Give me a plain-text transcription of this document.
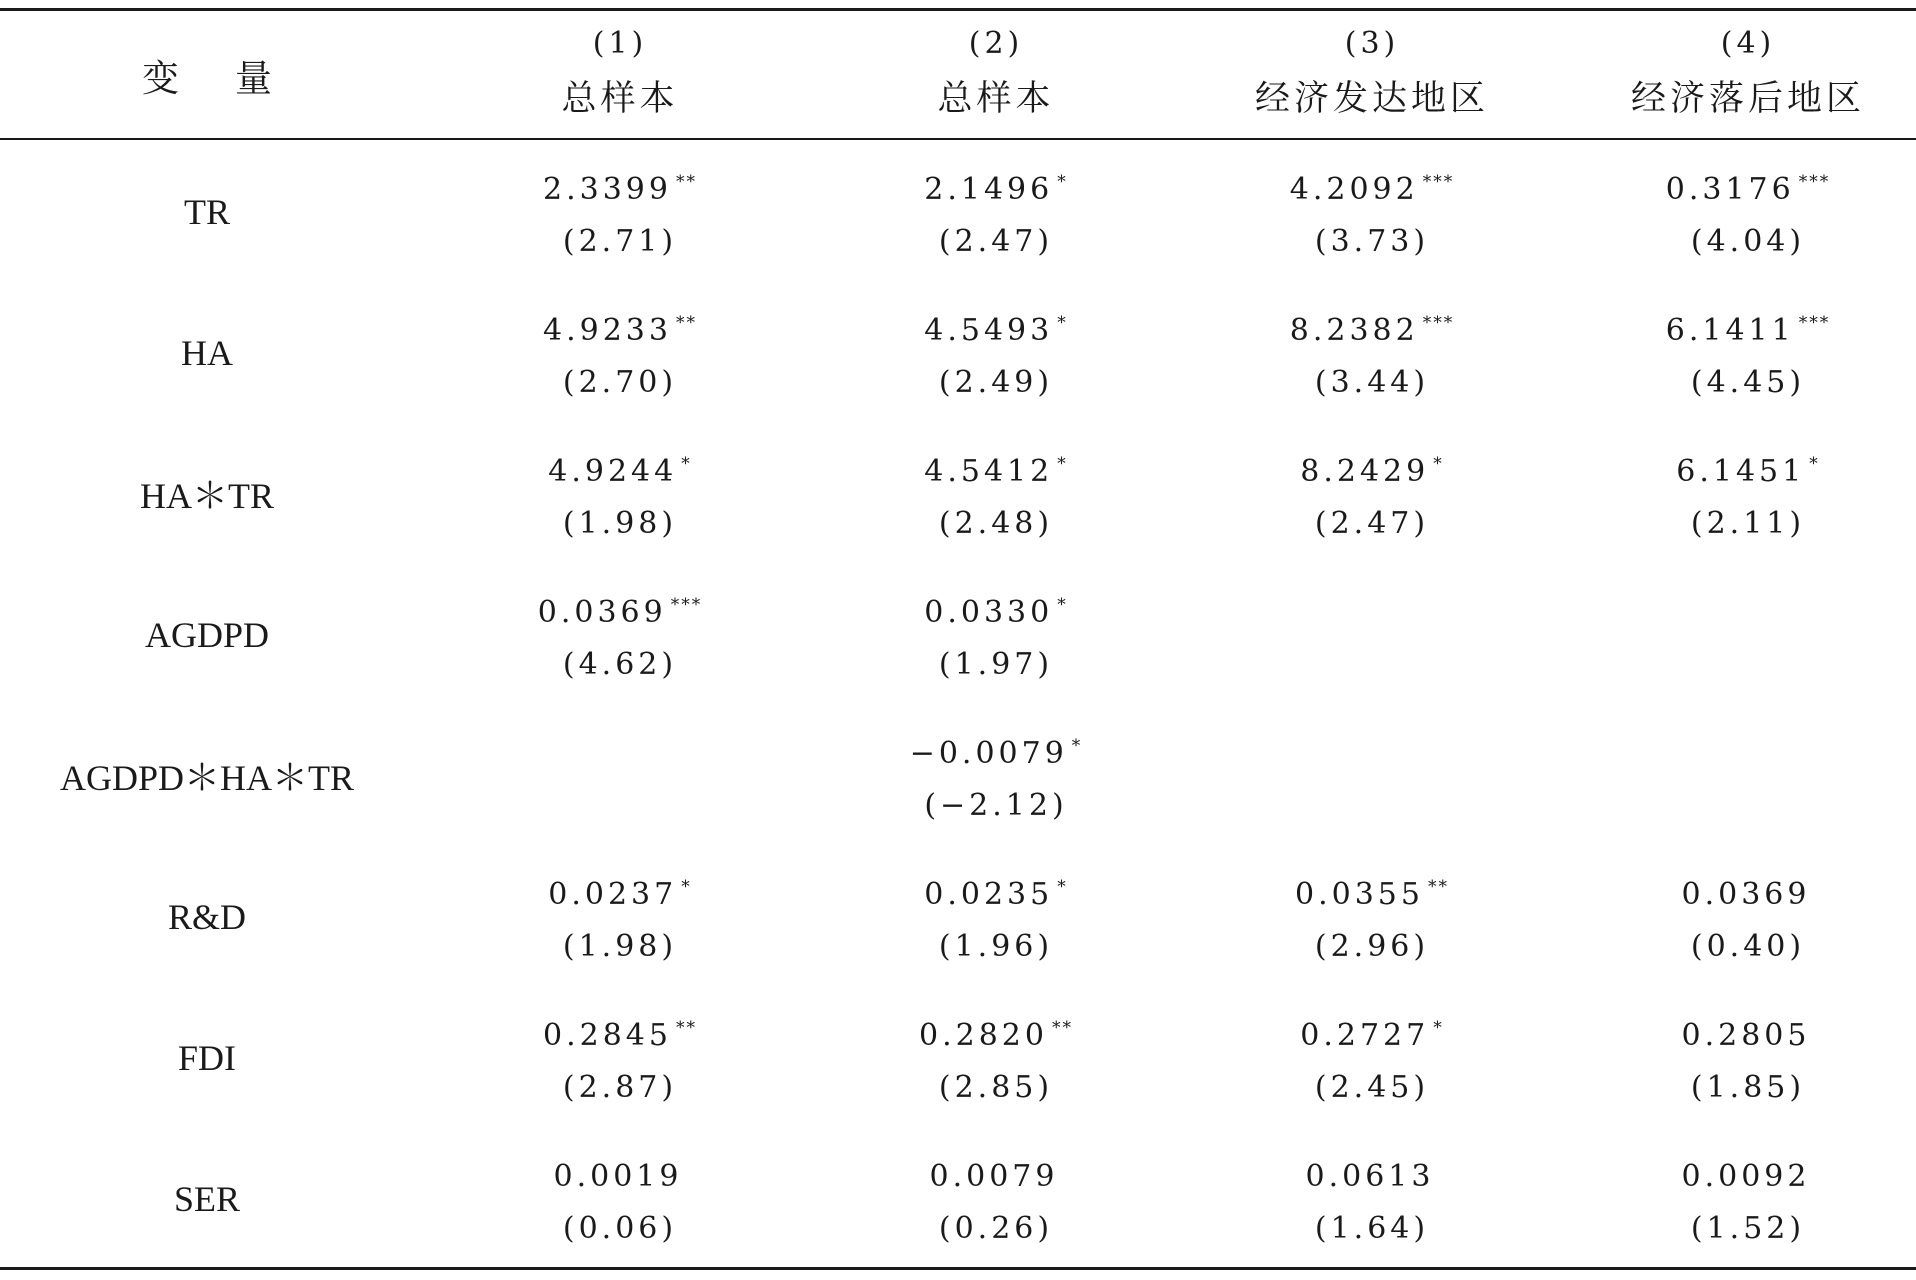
变量
(1)
总样本
(2)
总样本
(3)
经济发达地区
(4)
经济落后地区
TR
2.3399 **
(2.71)
2.1496 *
(2.47)
4.2092 ***
(3.73)
0.3176 ***
(4.04)
HA
4.9233 **
(2.70)
4.5493 *
(2.49)
8.2382 ***
(3.44)
6.1411 ***
(4.45)
HA＊TR
4.9244 *
(1.98)
4.5412 *
(2.48)
8.2429 *
(2.47)
6.1451 *
(2.11)
AGDPD
0.0369 ***
(4.62)
0.0330 *
(1.97)
AGDPD＊HA＊TR
−0.0079 *
(−2.12)
R&D
0.0237 *
(1.98)
0.0235 *
(1.96)
0.0355 **
(2.96)
0.0369
(0.40)
FDI
0.2845 **
(2.87)
0.2820 **
(2.85)
0.2727 *
(2.45)
0.2805
(1.85)
SER
0.0019
(0.06)
0.0079
(0.26)
0.0613
(1.64)
0.0092
(1.52)
